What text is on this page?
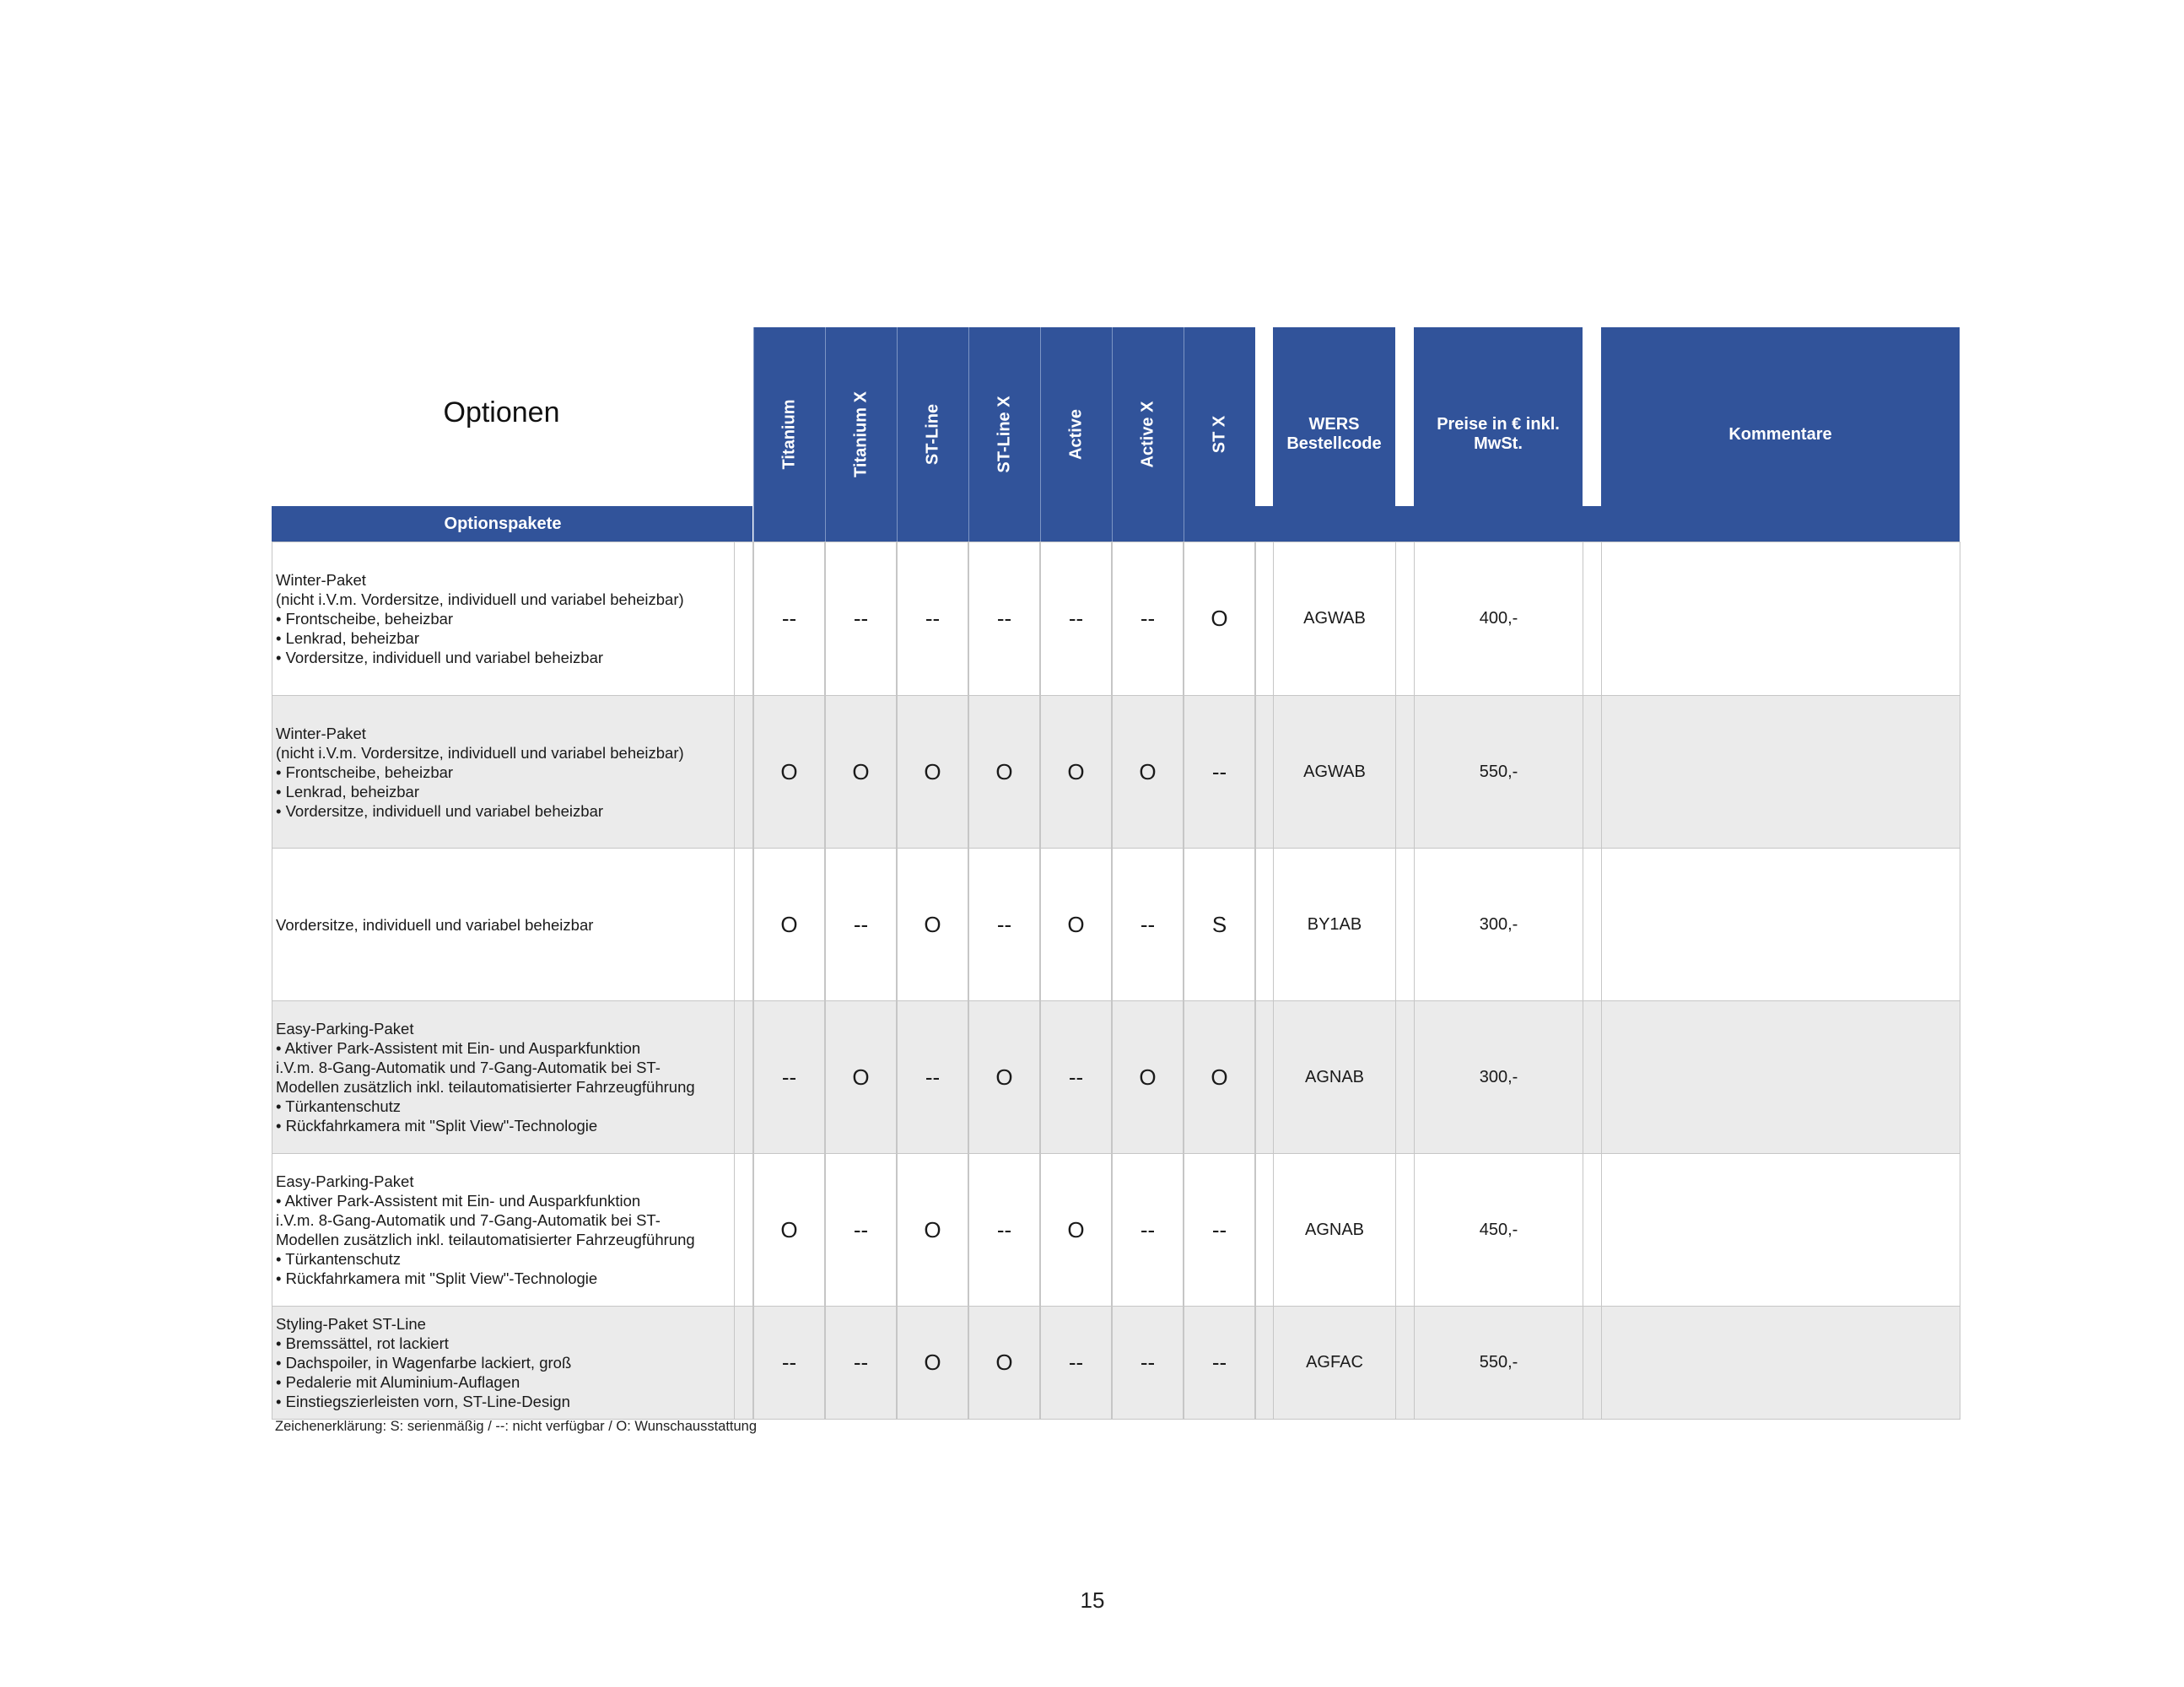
Optionen
Optionspakete
Titanium	Titanium X	ST-Line	ST-Line X	Active	Active X	ST X	WERS
Bestellcode
Preise in € inkl.
MwSt.
Kommentare
Winter-Paket
(nicht i.V.m. Vordersitze, individuell und variabel beheizbar)
• Frontscheibe, beheizbar
• Lenkrad, beheizbar
• Vordersitze, individuell und variabel beheizbar
--	--	--	--	--	--	O	AGWAB	400,-
Winter-Paket
(nicht i.V.m. Vordersitze, individuell und variabel beheizbar)
• Frontscheibe, beheizbar
• Lenkrad, beheizbar
• Vordersitze, individuell und variabel beheizbar
O	O	O	O	O	O	--	AGWAB	550,-
Vordersitze, individuell und variabel beheizbar	O	--	O	--	O	--	S	BY1AB	300,-
Easy-Parking-Paket
• Aktiver Park-Assistent mit Ein- und Ausparkfunktion
i.V.m. 8-Gang-Automatik und 7-Gang-Automatik bei ST-
Modellen zusätzlich inkl. teilautomatisierter Fahrzeugführung
• Türkantenschutz
• Rückfahrkamera mit "Split View"-Technologie
--	O	--	O	--	O	O	AGNAB	300,-
Easy-Parking-Paket
• Aktiver Park-Assistent mit Ein- und Ausparkfunktion
i.V.m. 8-Gang-Automatik und 7-Gang-Automatik bei ST-
Modellen zusätzlich inkl. teilautomatisierter Fahrzeugführung
• Türkantenschutz
• Rückfahrkamera mit "Split View"-Technologie
O	--	O	--	O	--	--	AGNAB	450,-
Styling-Paket ST-Line
• Bremssättel, rot lackiert
• Dachspoiler, in Wagenfarbe lackiert, groß
• Pedalerie mit Aluminium-Auflagen
• Einstiegszierleisten vorn, ST-Line-Design
--	--	O	O	--	--	--	AGFAC	550,-
Zeichenerklärung: S: serienmäßig / --: nicht verfügbar / O: Wunschausstattung
15
